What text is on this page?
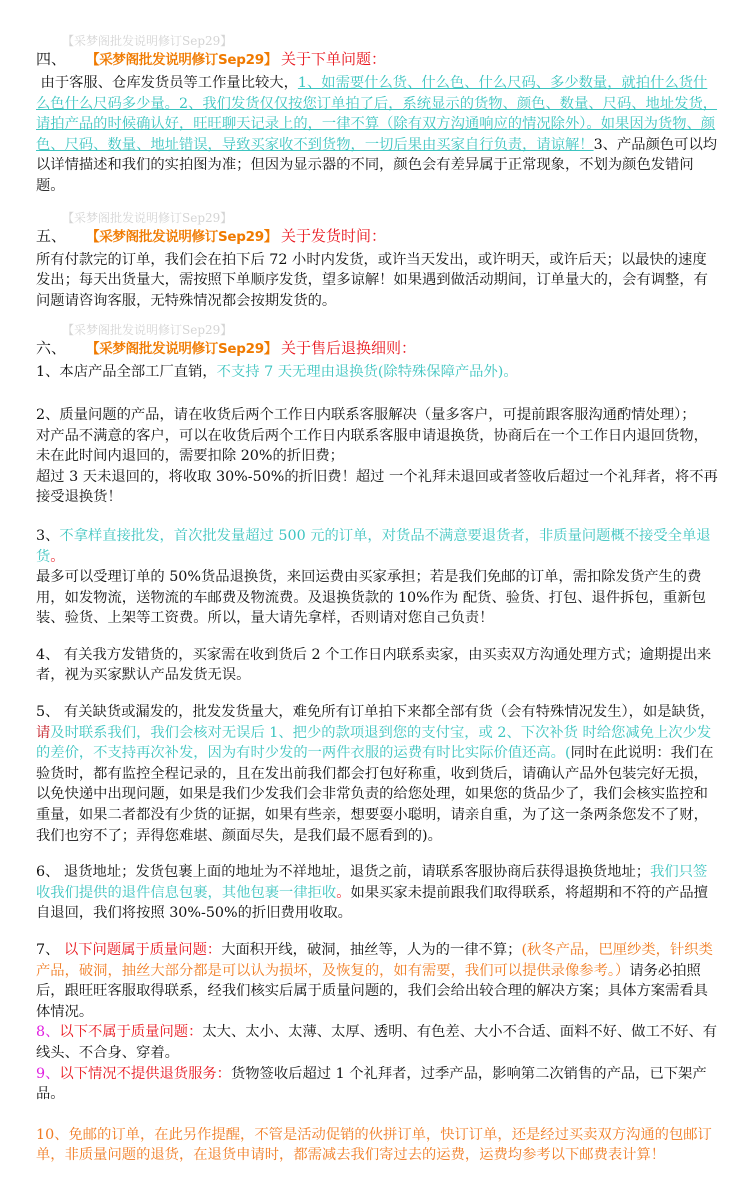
【采梦阁批发说明修订Sep29】
四、 【采梦阁批发说明修订Sep29】 关于下单问题：
由于客服、仓库发货员等工作量比较大，1、如需要什么货、什么色、什么尺码、多少数量，就拍什么货什么色什么尺码多少量。2、我们发货仅仅按您订单拍了后，系统显示的货物、颜色、数量、尺码、地址发货，请拍产品的时候确认好，旺旺聊天记录上的，一律不算（除有双方沟通响应的情况除外）。如果因为货物、颜色、尺码、数量、地址错误，导致买家收不到货物，一切后果由买家自行负责，请谅解！3、产品颜色可以均以详情描述和我们的实拍图为准；但因为显示器的不同，颜色会有差异属于正常现象，不划为颜色发错问题。
【采梦阁批发说明修订Sep29】
五、 【采梦阁批发说明修订Sep29】 关于发货时间：
所有付款完的订单，我们会在拍下后 72 小时内发货，或许当天发出，或许明天，或许后天；以最快的速度发出；每天出货量大，需按照下单顺序发货，望多谅解！如果遇到做活动期间，订单量大的，会有调整，有问题请咨询客服，无特殊情况都会按期发货的。
【采梦阁批发说明修订Sep29】
六、 【采梦阁批发说明修订Sep29】 关于售后退换细则：
1、本店产品全部工厂直销，不支持 7 天无理由退换货(除特殊保障产品外)。
2、质量问题的产品，请在收货后两个工作日内联系客服解决（量多客户，可提前跟客服沟通酌情处理）；
对产品不满意的客户，可以在收货后两个工作日内联系客服申请退换货，协商后在一个工作日内退回货物，未在此时间内退回的，需要扣除 20%的折旧费；
超过 3 天未退回的，将收取 30%-50%的折旧费！超过 一个礼拜未退回或者签收后超过一个礼拜者，将不再接受退换货！
3、不拿样直接批发，首次批发量超过 500 元的订单，对货品不满意要退货者，非质量问题概不接受全单退货。
最多可以受理订单的 50%货品退换货，来回运费由买家承担；若是我们免邮的订单，需扣除发货产生的费用，如发物流，送物流的车邮费及物流费。及退换货款的 10%作为 配货、验货、打包、退件拆包，重新包装、验货、上架等工资费。所以，量大请先拿样，否则请对您自己负责！
4、 有关我方发错货的，买家需在收到货后 2 个工作日内联系卖家，由买卖双方沟通处理方式；逾期提出来者，视为买家默认产品发货无误。
5、 有关缺货或漏发的，批发发货量大，难免所有订单拍下来都全部有货（会有特殊情况发生），如是缺货，请及时联系我们，我们会核对无误后 1、把少的款项退到您的支付宝，或 2、下次补货 时给您减免上次少发的差价，不支持再次补发，因为有时少发的一两件衣服的运费有时比实际价值还高。(同时在此说明：我们在验货时，都有监控全程记录的，且在发出前我们都会打包好称重，收到货后，请确认产品外包装完好无损，以免快递中出现问题，如果是我们少发我们会非常负责的给您处理，如果您的货品少了，我们会核实监控和重量，如果二者都没有少货的证据，如果有些亲，想要耍小聪明，请亲自重，为了这一条两条您发不了财，我们也穷不了；弄得您难堪、颜面尽失，是我们最不愿看到的)。
6、 退货地址；发货包裹上面的地址为不祥地址，退货之前，请联系客服协商后获得退换货地址；我们只签收我们提供的退件信息包裹，其他包裹一律拒收。如果买家未提前跟我们取得联系，将超期和不符的产品擅自退回，我们将按照 30%-50%的折旧费用收取。
7、 以下问题属于质量问题：大面积开线，破洞，抽丝等，人为的一律不算；(秋冬产品，巴厘纱类，针织类产品，破洞，抽丝大部分都是可以认为损坏，及恢复的，如有需要，我们可以提供录像参考。）请务必拍照后，跟旺旺客服取得联系，经我们核实后属于质量问题的，我们会给出较合理的解决方案；具体方案需看具体情况。
8、以下不属于质量问题：太大、太小、太薄、太厚、透明、有色差、大小不合适、面料不好、做工不好、有线头、不合身、穿着。
9、以下情况不提供退货服务：货物签收后超过 1 个礼拜者，过季产品，影响第二次销售的产品，已下架产品。
10、免邮的订单，在此另作提醒，不管是活动促销的伙拼订单，快订订单，还是经过买卖双方沟通的包邮订单，非质量问题的退货，在退货申请时，都需减去我们寄过去的运费，运费均参考以下邮费表计算！
